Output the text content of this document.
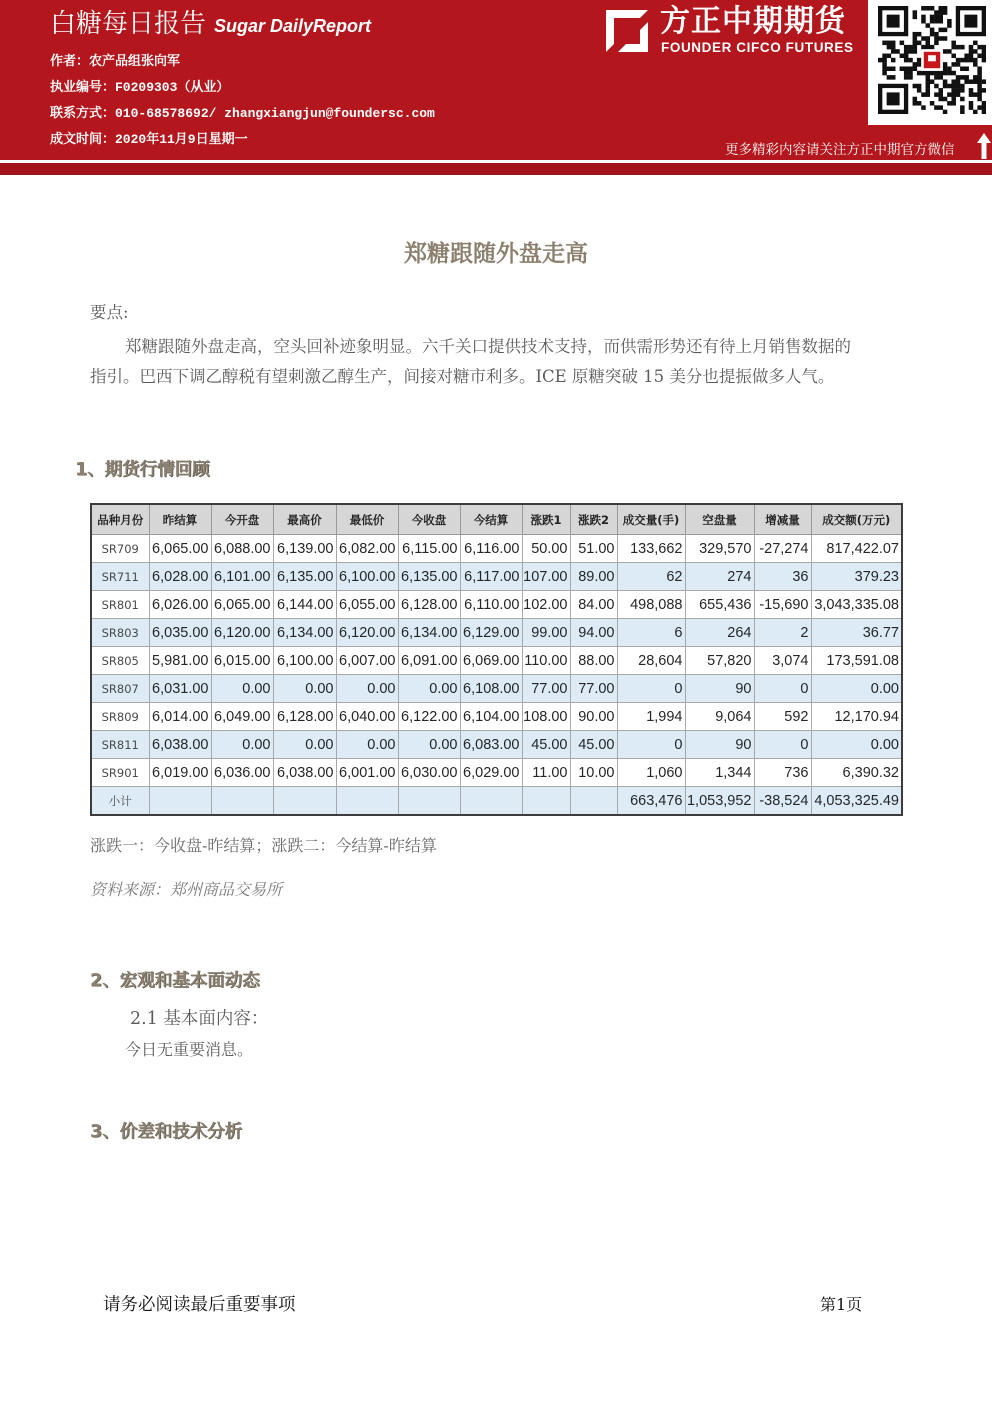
白糖每日报告 Sugar DailyReport
作者：农产品组张向军
执业编号：F0209303（从业）
联系方式：010-68578692/ zhangxiangjun@foundersc.com
成文时间：2020年11月9日星期一
方正中期期货
FOUNDER CIFCO FUTURES
更多精彩内容请关注方正中期官方微信
郑糖跟随外盘走高
要点:
郑糖跟随外盘走高，空头回补迹象明显。六千关口提供技术支持，而供需形势还有待上月销售数据的
指引。巴西下调乙醇税有望刺激乙醇生产，间接对糖市利多。ICE 原糖突破 15 美分也提振做多人气。
1、期货行情回顾
品种月份	昨结算	今开盘	最高价	最低价	今收盘	今结算	涨跌1	涨跌2	成交量(手)	空盘量	增减量	成交额(万元)
SR709	6,065.00	6,088.00	6,139.00	6,082.00	6,115.00	6,116.00	50.00	51.00	133,662	329,570	-27,274	817,422.07
SR711	6,028.00	6,101.00	6,135.00	6,100.00	6,135.00	6,117.00	107.00	89.00	62	274	36	379.23
SR801	6,026.00	6,065.00	6,144.00	6,055.00	6,128.00	6,110.00	102.00	84.00	498,088	655,436	-15,690	3,043,335.08
SR803	6,035.00	6,120.00	6,134.00	6,120.00	6,134.00	6,129.00	99.00	94.00	6	264	2	36.77
SR805	5,981.00	6,015.00	6,100.00	6,007.00	6,091.00	6,069.00	110.00	88.00	28,604	57,820	3,074	173,591.08
SR807	6,031.00	0.00	0.00	0.00	0.00	6,108.00	77.00	77.00	0	90	0	0.00
SR809	6,014.00	6,049.00	6,128.00	6,040.00	6,122.00	6,104.00	108.00	90.00	1,994	9,064	592	12,170.94
SR811	6,038.00	0.00	0.00	0.00	0.00	6,083.00	45.00	45.00	0	90	0	0.00
SR901	6,019.00	6,036.00	6,038.00	6,001.00	6,030.00	6,029.00	11.00	10.00	1,060	1,344	736	6,390.32
小计									663,476	1,053,952	-38,524	4,053,325.49
涨跌一：今收盘-昨结算；涨跌二：今结算-昨结算
资料来源：郑州商品交易所
2、宏观和基本面动态
2.1 基本面内容：
今日无重要消息。
3、价差和技术分析
请务必阅读最后重要事项	第1页
